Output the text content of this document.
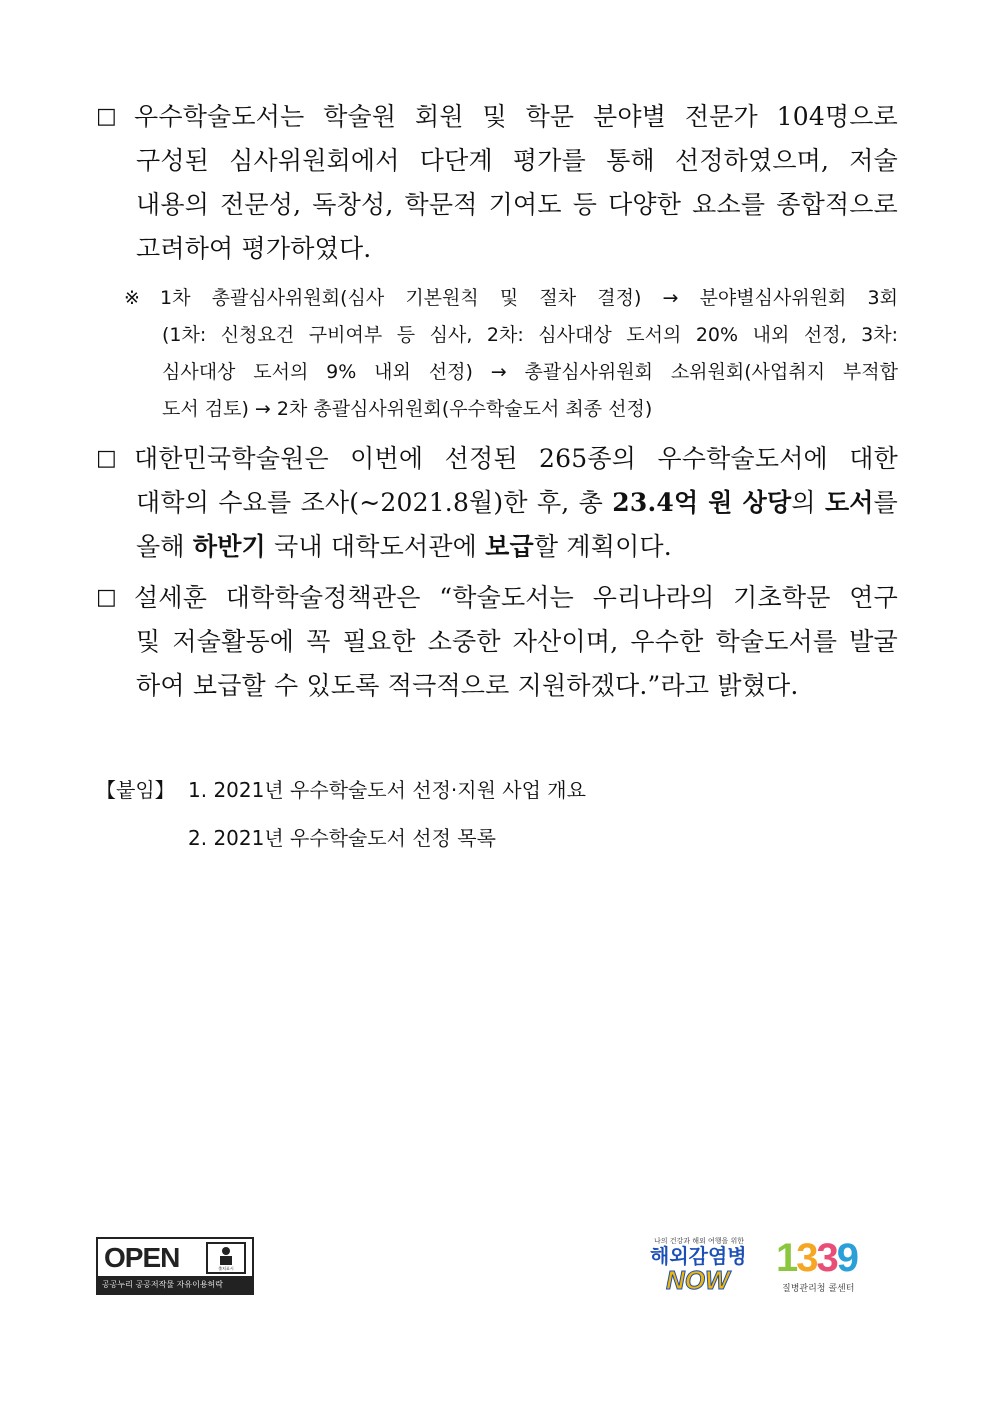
□ 우수학술도서는 학술원 회원 및 학문 분야별 전문가 104명으로
구성된 심사위원회에서 다단계 평가를 통해 선정하였으며, 저술
내용의 전문성, 독창성, 학문적 기여도 등 다양한 요소를 종합적으로
고려하여 평가하였다.
※ 1차 총괄심사위원회(심사 기본원칙 및 절차 결정) → 분야별심사위원회 3회
(1차: 신청요건 구비여부 등 심사, 2차: 심사대상 도서의 20% 내외 선정, 3차:
심사대상 도서의 9% 내외 선정) → 총괄심사위원회 소위원회(사업취지 부적합
도서 검토) → 2차 총괄심사위원회(우수학술도서 최종 선정)
□ 대한민국학술원은 이번에 선정된 265종의 우수학술도서에 대한
대학의 수요를 조사(~2021.8월)한 후, 총 23.4억 원 상당의 도서를
올해 하반기 국내 대학도서관에 보급할 계획이다.
□ 설세훈 대학학술정책관은 “학술도서는 우리나라의 기초학문 연구
및 저술활동에 꼭 필요한 소중한 자산이며, 우수한 학술도서를 발굴
하여 보급할 수 있도록 적극적으로 지원하겠다.”라고 밝혔다.
【붙임】 1. 2021년 우수학술도서 선정·지원 사업 개요
2. 2021년 우수학술도서 선정 목록
OPEN	출처표시
공공누리 공공저작물 자유이용허락
나의 건강과 해외 여행을 위한
해외감염병
NOW 1339
질병관리청 콜센터
